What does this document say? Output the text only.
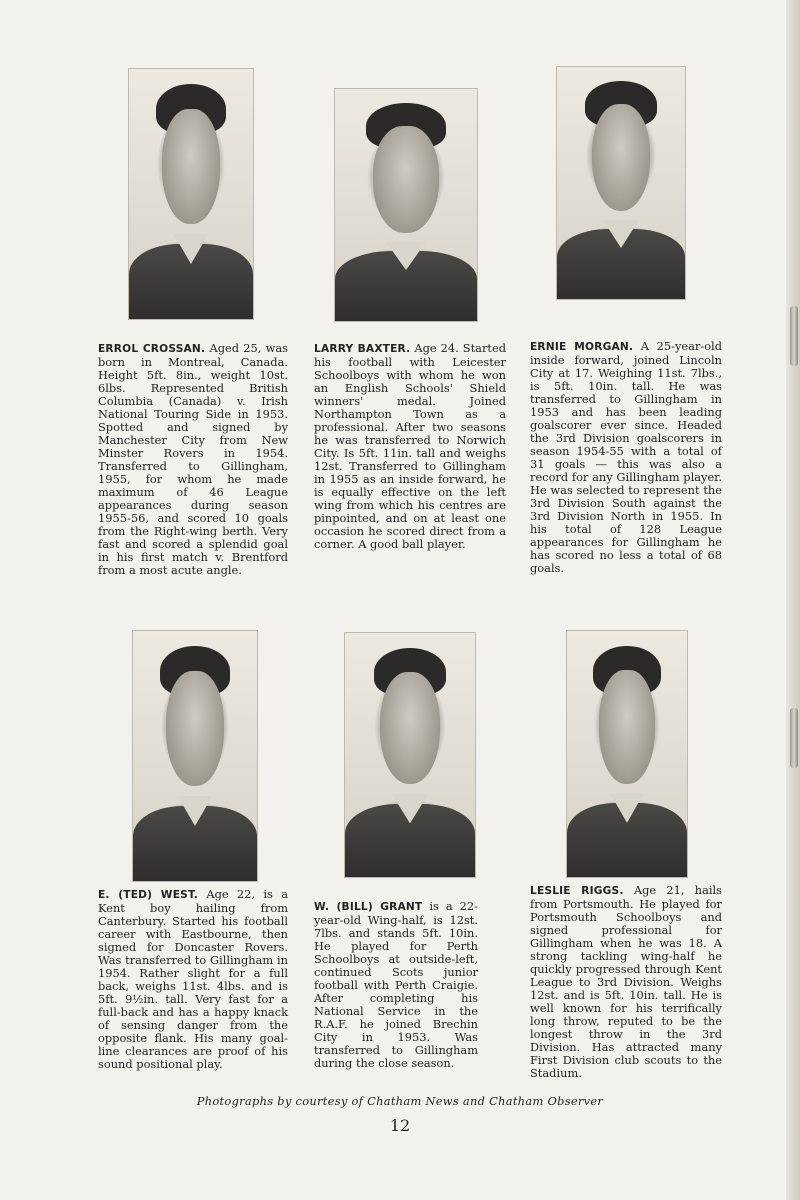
ERROL CROSSAN. Aged 25, was born in Montreal, Canada. Height 5ft. 8in., weight 10st. 6lbs. Represented British Columbia (Canada) v. Irish National Touring Side in 1953. Spotted and signed by Manchester City from New Minster Rovers in 1954. Transferred to Gillingham, 1955, for whom he made maximum of 46 League appearances during season 1955-56, and scored 10 goals from the Right-wing berth. Very fast and scored a splendid goal in his first match v. Brentford from a most acute angle.

LARRY BAXTER. Age 24. Started his football with Leicester Schoolboys with whom he won an English Schools' Shield winners' medal. Joined Northampton Town as a professional. After two seasons he was transferred to Norwich City. Is 5ft. 11in. tall and weighs 12st. Transferred to Gillingham in 1955 as an inside forward, he is equally effective on the left wing from which his centres are pinpointed, and on at least one occasion he scored direct from a corner. A good ball player.

ERNIE MORGAN. A 25-year-old inside forward, joined Lincoln City at 17. Weighing 11st. 7lbs., is 5ft. 10in. tall. He was transferred to Gillingham in 1953 and has been leading goalscorer ever since. Headed the 3rd Division goalscorers in season 1954-55 with a total of 31 goals — this was also a record for any Gillingham player. He was selected to represent the 3rd Division South against the 3rd Division North in 1955. In his total of 128 League appearances for Gillingham he has scored no less a total of 68 goals.

E. (TED) WEST. Age 22, is a Kent boy hailing from Canterbury. Started his football career with Eastbourne, then signed for Doncaster Rovers. Was transferred to Gillingham in 1954. Rather slight for a full back, weighs 11st. 4lbs. and is 5ft. 9½in. tall. Very fast for a full-back and has a happy knack of sensing danger from the opposite flank. His many goal-line clearances are proof of his sound positional play.

W. (BILL) GRANT is a 22-year-old Wing-half, is 12st. 7lbs. and stands 5ft. 10in. He played for Perth Schoolboys at outside-left, continued Scots junior football with Perth Craigie. After completing his National Service in the R.A.F. he joined Brechin City in 1953. Was transferred to Gillingham during the close season.

LESLIE RIGGS. Age 21, hails from Portsmouth. He played for Portsmouth Schoolboys and signed professional for Gillingham when he was 18. A strong tackling wing-half he quickly progressed through Kent League to 3rd Division. Weighs 12st. and is 5ft. 10in. tall. He is well known for his terrifically long throw, reputed to be the longest throw in the 3rd Division. Has attracted many First Division club scouts to the Stadium.

Photographs by courtesy of Chatham News and Chatham Observer
12
